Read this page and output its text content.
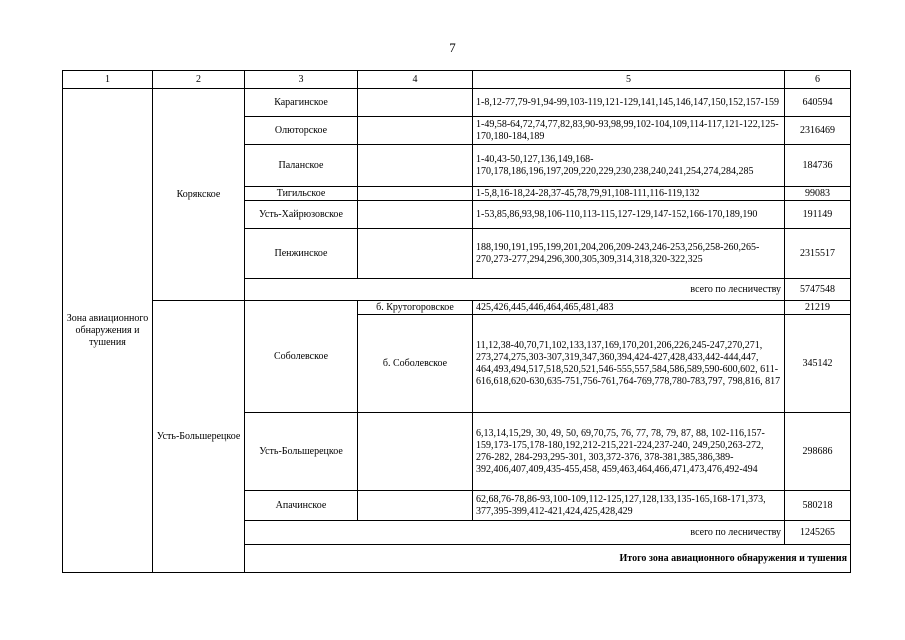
7
1	2	3	4	5	6	
Зона авиационного обнаружения и тушения	Корякское	Карагинское		1-8,12-77,79-91,94-99,103-119,121-129,141,145,146,147,150,152,157-159	640594	
		Олюторское		1-49,58-64,72,74,77,82,83,90-93,98,99,102-104,109,114-117,121-122,125-170,180-184,189	2316469	
		Паланское		1-40,43-50,127,136,149,168-170,178,186,196,197,209,220,229,230,238,240,241,254,274,284,285	184736	
		Тигильское		1-5,8,16-18,24-28,37-45,78,79,91,108-111,116-119,132	99083	
		Усть-Хайрюзовское		1-53,85,86,93,98,106-110,113-115,127-129,147-152,166-170,189,190	191149	
		Пенжинское		188,190,191,195,199,201,204,206,209-243,246-253,256,258-260,265-270,273-277,294,296,300,305,309,314,318,320-322,325	2315517	
		всего по лесничеству			5747548	
	Усть-Большерецкое	Соболевское	б. Крутогоровское	425,426,445,446,464,465,481,483	21219	
			б. Соболевское	11,12,38-40,70,71,102,133,137,169,170,201,206,226,245-247,270,271, 273,274,275,303-307,319,347,360,394,424-427,428,433,442-444,447, 464,493,494,517,518,520,521,546-555,557,584,586,589,590-600,602, 611-616,618,620-630,635-751,756-761,764-769,778,780-783,797, 798,816, 817	345142	
		Усть-Большерецкое		6,13,14,15,29, 30, 49, 50, 69,70,75, 76, 77, 78, 79, 87, 88, 102-116,157-159,173-175,178-180,192,212-215,221-224,237-240, 249,250,263-272, 276-282, 284-293,295-301, 303,372-376, 378-381,385,386,389-392,406,407,409,435-455,458, 459,463,464,466,471,473,476,492-494	298686	
		Апачинское		62,68,76-78,86-93,100-109,112-125,127,128,133,135-165,168-171,373, 377,395-399,412-421,424,425,428,429	580218	
		всего по лесничеству			1245265	
		Итого зона авиационного обнаружения и тушения	
